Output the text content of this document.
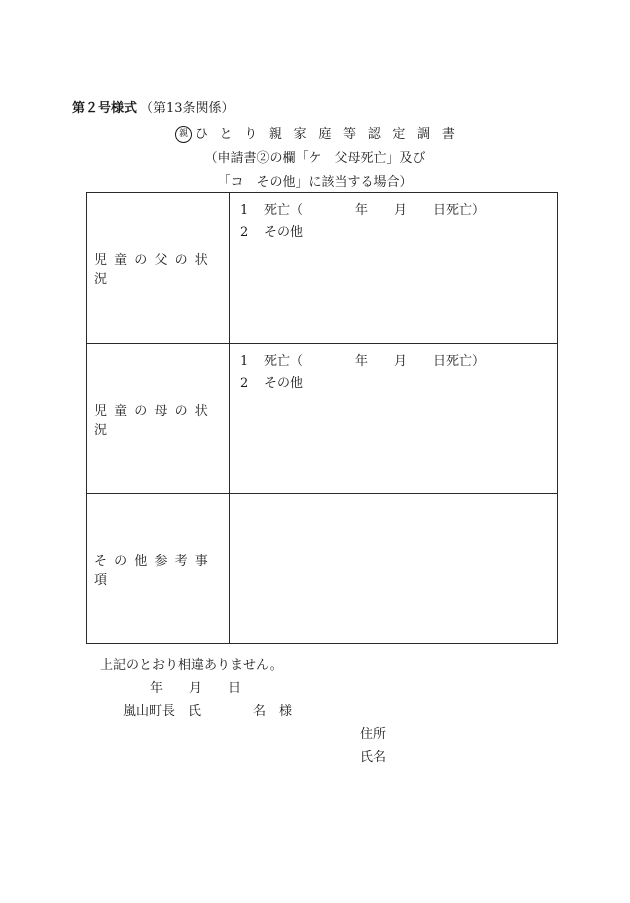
第２号様式 （第13条関係）
親 ひとり親家庭等認定調書
（申請書②の欄「ケ　父母死亡」及び
「コ　その他」に該当する場合）
児童の父の状況
1 死亡（　　　　年　　月　　日死亡）
2 その他
児童の母の状況
1 死亡（　　　　年　　月　　日死亡）
2 その他
その他参考事項
上記のとおり相違ありません。
年　　月　　日
嵐山町長　氏　　　　名　様
住所
氏名
